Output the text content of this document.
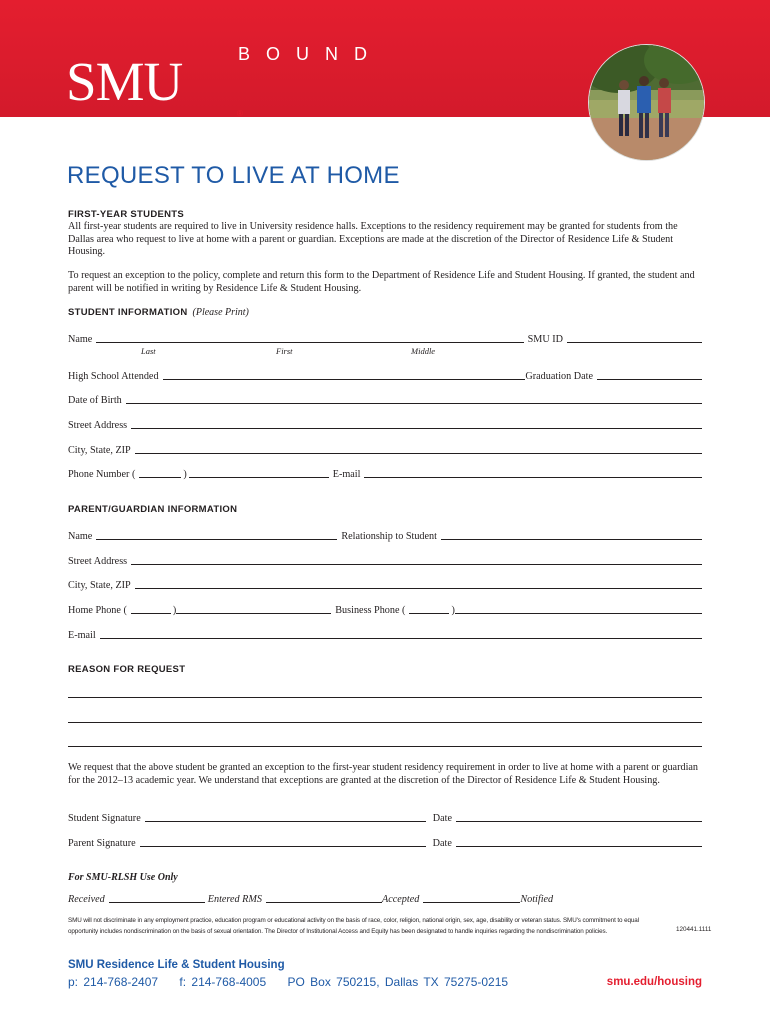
SMU	BOUND
®
REQUEST TO LIVE AT HOME
FIRST-YEAR STUDENTS
All first-year students are required to live in University residence halls. Exceptions to the residency requirement may be granted for students from the Dallas area who request to live at home with a parent or guardian. Exceptions are made at the discretion of the Director of Residence Life & Student Housing.
To request an exception to the policy, complete and return this form to the Department of Residence Life and Student Housing. If granted, the student and parent will be notified in writing by Residence Life & Student Housing.
STUDENT INFORMATION (Please Print)
Name	SMU ID
Last	First	Middle
High School Attended	Graduation Date
Date of Birth
Street Address
City, State, ZIP
Phone Number (	)	E-mail
PARENT/GUARDIAN INFORMATION
Name	Relationship to Student
Street Address
City, State, ZIP
Home Phone (	)	Business Phone (	)
E-mail
REASON FOR REQUEST
We request that the above student be granted an exception to the first-year student residency requirement in order to live at home with a parent or guardian for the 2012–13 academic year. We understand that exceptions are granted at the discretion of the Director of Residence Life & Student Housing.
Student Signature	Date
Parent Signature	Date
For SMU-RLSH Use Only
Received	Entered RMS	Accepted	Notified
SMU will not discriminate in any employment practice, education program or educational activity on the basis of race, color, religion, national origin, sex, age, disability or veteran status. SMU's commitment to equal opportunity includes nondiscrimination on the basis of sexual orientation. The Director of Institutional Access and Equity has been designated to handle inquiries regarding the nondiscrimination policies.	120441.1111
SMU Residence Life & Student Housing
p: 214-768-2407    f: 214-768-4005    PO Box 750215, Dallas TX 75275-0215	smu.edu/housing
